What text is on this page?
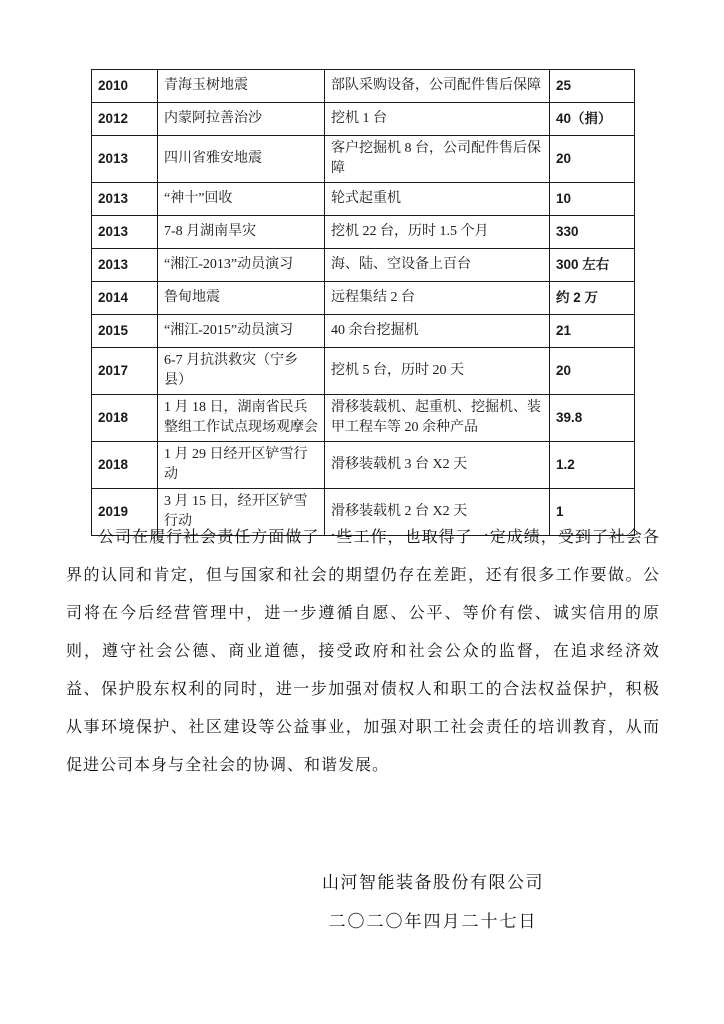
2010	青海玉树地震	部队采购设备，公司配件售后保障	25
2012	内蒙阿拉善治沙	挖机 1 台	40（捐）
2013	四川省雅安地震	客户挖掘机 8 台，公司配件售后保障	20
2013	“神十”回收	轮式起重机	10
2013	7-8 月湖南旱灾	挖机 22 台，历时 1.5 个月	330
2013	“湘江-2013”动员演习	海、陆、空设备上百台	300 左右
2014	鲁甸地震	远程集结 2 台	约 2 万
2015	“湘江-2015”动员演习	40 余台挖掘机	21
2017	6-7 月抗洪救灾（宁乡县）	挖机 5 台，历时 20 天	20
2018	1 月 18 日，湖南省民兵整组工作试点现场观摩会	滑移装载机、起重机、挖掘机、装甲工程车等 20 余种产品	39.8
2018	1 月 29 日经开区铲雪行动	滑移装载机 3 台 X2 天	1.2
2019	3 月 15 日，经开区铲雪行动	滑移装载机 2 台 X2 天	1
公司在履行社会责任方面做了一些工作，也取得了一定成绩，受到了社会各界的认同和肯定，但与国家和社会的期望仍存在差距，还有很多工作要做。公司将在今后经营管理中，进一步遵循自愿、公平、等价有偿、诚实信用的原则，遵守社会公德、商业道德，接受政府和社会公众的监督，在追求经济效益、保护股东权利的同时，进一步加强对债权人和职工的合法权益保护，积极从事环境保护、社区建设等公益事业，加强对职工社会责任的培训教育，从而促进公司本身与全社会的协调、和谐发展。
山河智能装备股份有限公司
二〇二〇年四月二十七日
